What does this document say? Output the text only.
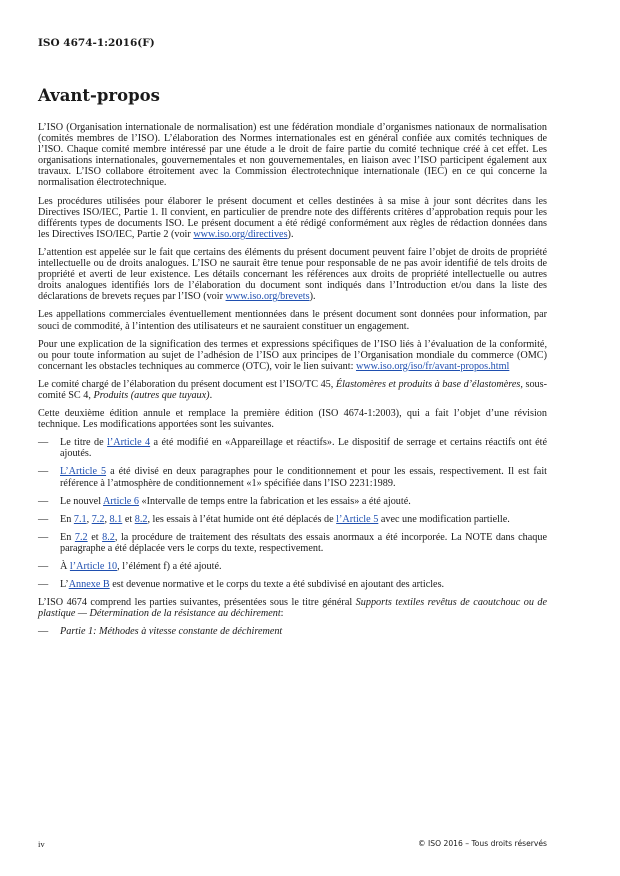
ISO 4674-1:2016(F)
Avant-propos

L’ISO (Organisation internationale de normalisation) est une fédération mondiale d’organismes nationaux de normalisation (comités membres de l’ISO). L’élaboration des Normes internationales est en général confiée aux comités techniques de l’ISO. Chaque comité membre intéressé par une étude a le droit de faire partie du comité technique créé à cet effet. Les organisations internationales, gouvernementales et non gouvernementales, en liaison avec l’ISO participent également aux travaux. L’ISO collabore étroitement avec la Commission électrotechnique internationale (IEC) en ce qui concerne la normalisation électrotechnique.

Les procédures utilisées pour élaborer le présent document et celles destinées à sa mise à jour sont décrites dans les Directives ISO/IEC, Partie 1. Il convient, en particulier de prendre note des différents critères d’approbation requis pour les différents types de documents ISO. Le présent document a été rédigé conformément aux règles de rédaction données dans les Directives ISO/IEC, Partie 2 (voir www.iso.org/directives).

L’attention est appelée sur le fait que certains des éléments du présent document peuvent faire l’objet de droits de propriété intellectuelle ou de droits analogues. L’ISO ne saurait être tenue pour responsable de ne pas avoir identifié de tels droits de propriété et averti de leur existence. Les détails concernant les références aux droits de propriété intellectuelle ou autres droits analogues identifiés lors de l’élaboration du document sont indiqués dans l’Introduction et/ou dans la liste des déclarations de brevets reçues par l’ISO (voir www.iso.org/brevets).

Les appellations commerciales éventuellement mentionnées dans le présent document sont données pour information, par souci de commodité, à l’intention des utilisateurs et ne sauraient constituer un engagement.

Pour une explication de la signification des termes et expressions spécifiques de l’ISO liés à l’évaluation de la conformité, ou pour toute information au sujet de l’adhésion de l’ISO aux principes de l’Organisation mondiale du commerce (OMC) concernant les obstacles techniques au commerce (OTC), voir le lien suivant: www.iso.org/iso/fr/avant-propos.html

Le comité chargé de l’élaboration du présent document est l’ISO/TC 45, Élastomères et produits à base d’élastomères, sous-comité SC 4, Produits (autres que tuyaux).

Cette deuxième édition annule et remplace la première édition (ISO 4674-1:2003), qui a fait l’objet d’une révision technique. Les modifications apportées sont les suivantes.

—	Le titre de l’Article 4 a été modifié en «Appareillage et réactifs». Le dispositif de serrage et certains réactifs ont été ajoutés.
—	L’Article 5 a été divisé en deux paragraphes pour le conditionnement et pour les essais, respectivement. Il est fait référence à l’atmosphère de conditionnement «1» spécifiée dans l’ISO 2231:1989.
—	Le nouvel Article 6 «Intervalle de temps entre la fabrication et les essais» a été ajouté.
—	En 7.1, 7.2, 8.1 et 8.2, les essais à l’état humide ont été déplacés de l’Article 5 avec une modification partielle.
—	En 7.2 et 8.2, la procédure de traitement des résultats des essais anormaux a été incorporée. La NOTE dans chaque paragraphe a été déplacée vers le corps du texte, respectivement.
—	À l’Article 10, l’élément f) a été ajouté.
—	L’Annexe B est devenue normative et le corps du texte a été subdivisé en ajoutant des articles.

L’ISO 4674 comprend les parties suivantes, présentées sous le titre général Supports textiles revêtus de caoutchouc ou de plastique — Détermination de la résistance au déchirement:

—	Partie 1: Méthodes à vitesse constante de déchirement
iv	© ISO 2016 – Tous droits réservés
